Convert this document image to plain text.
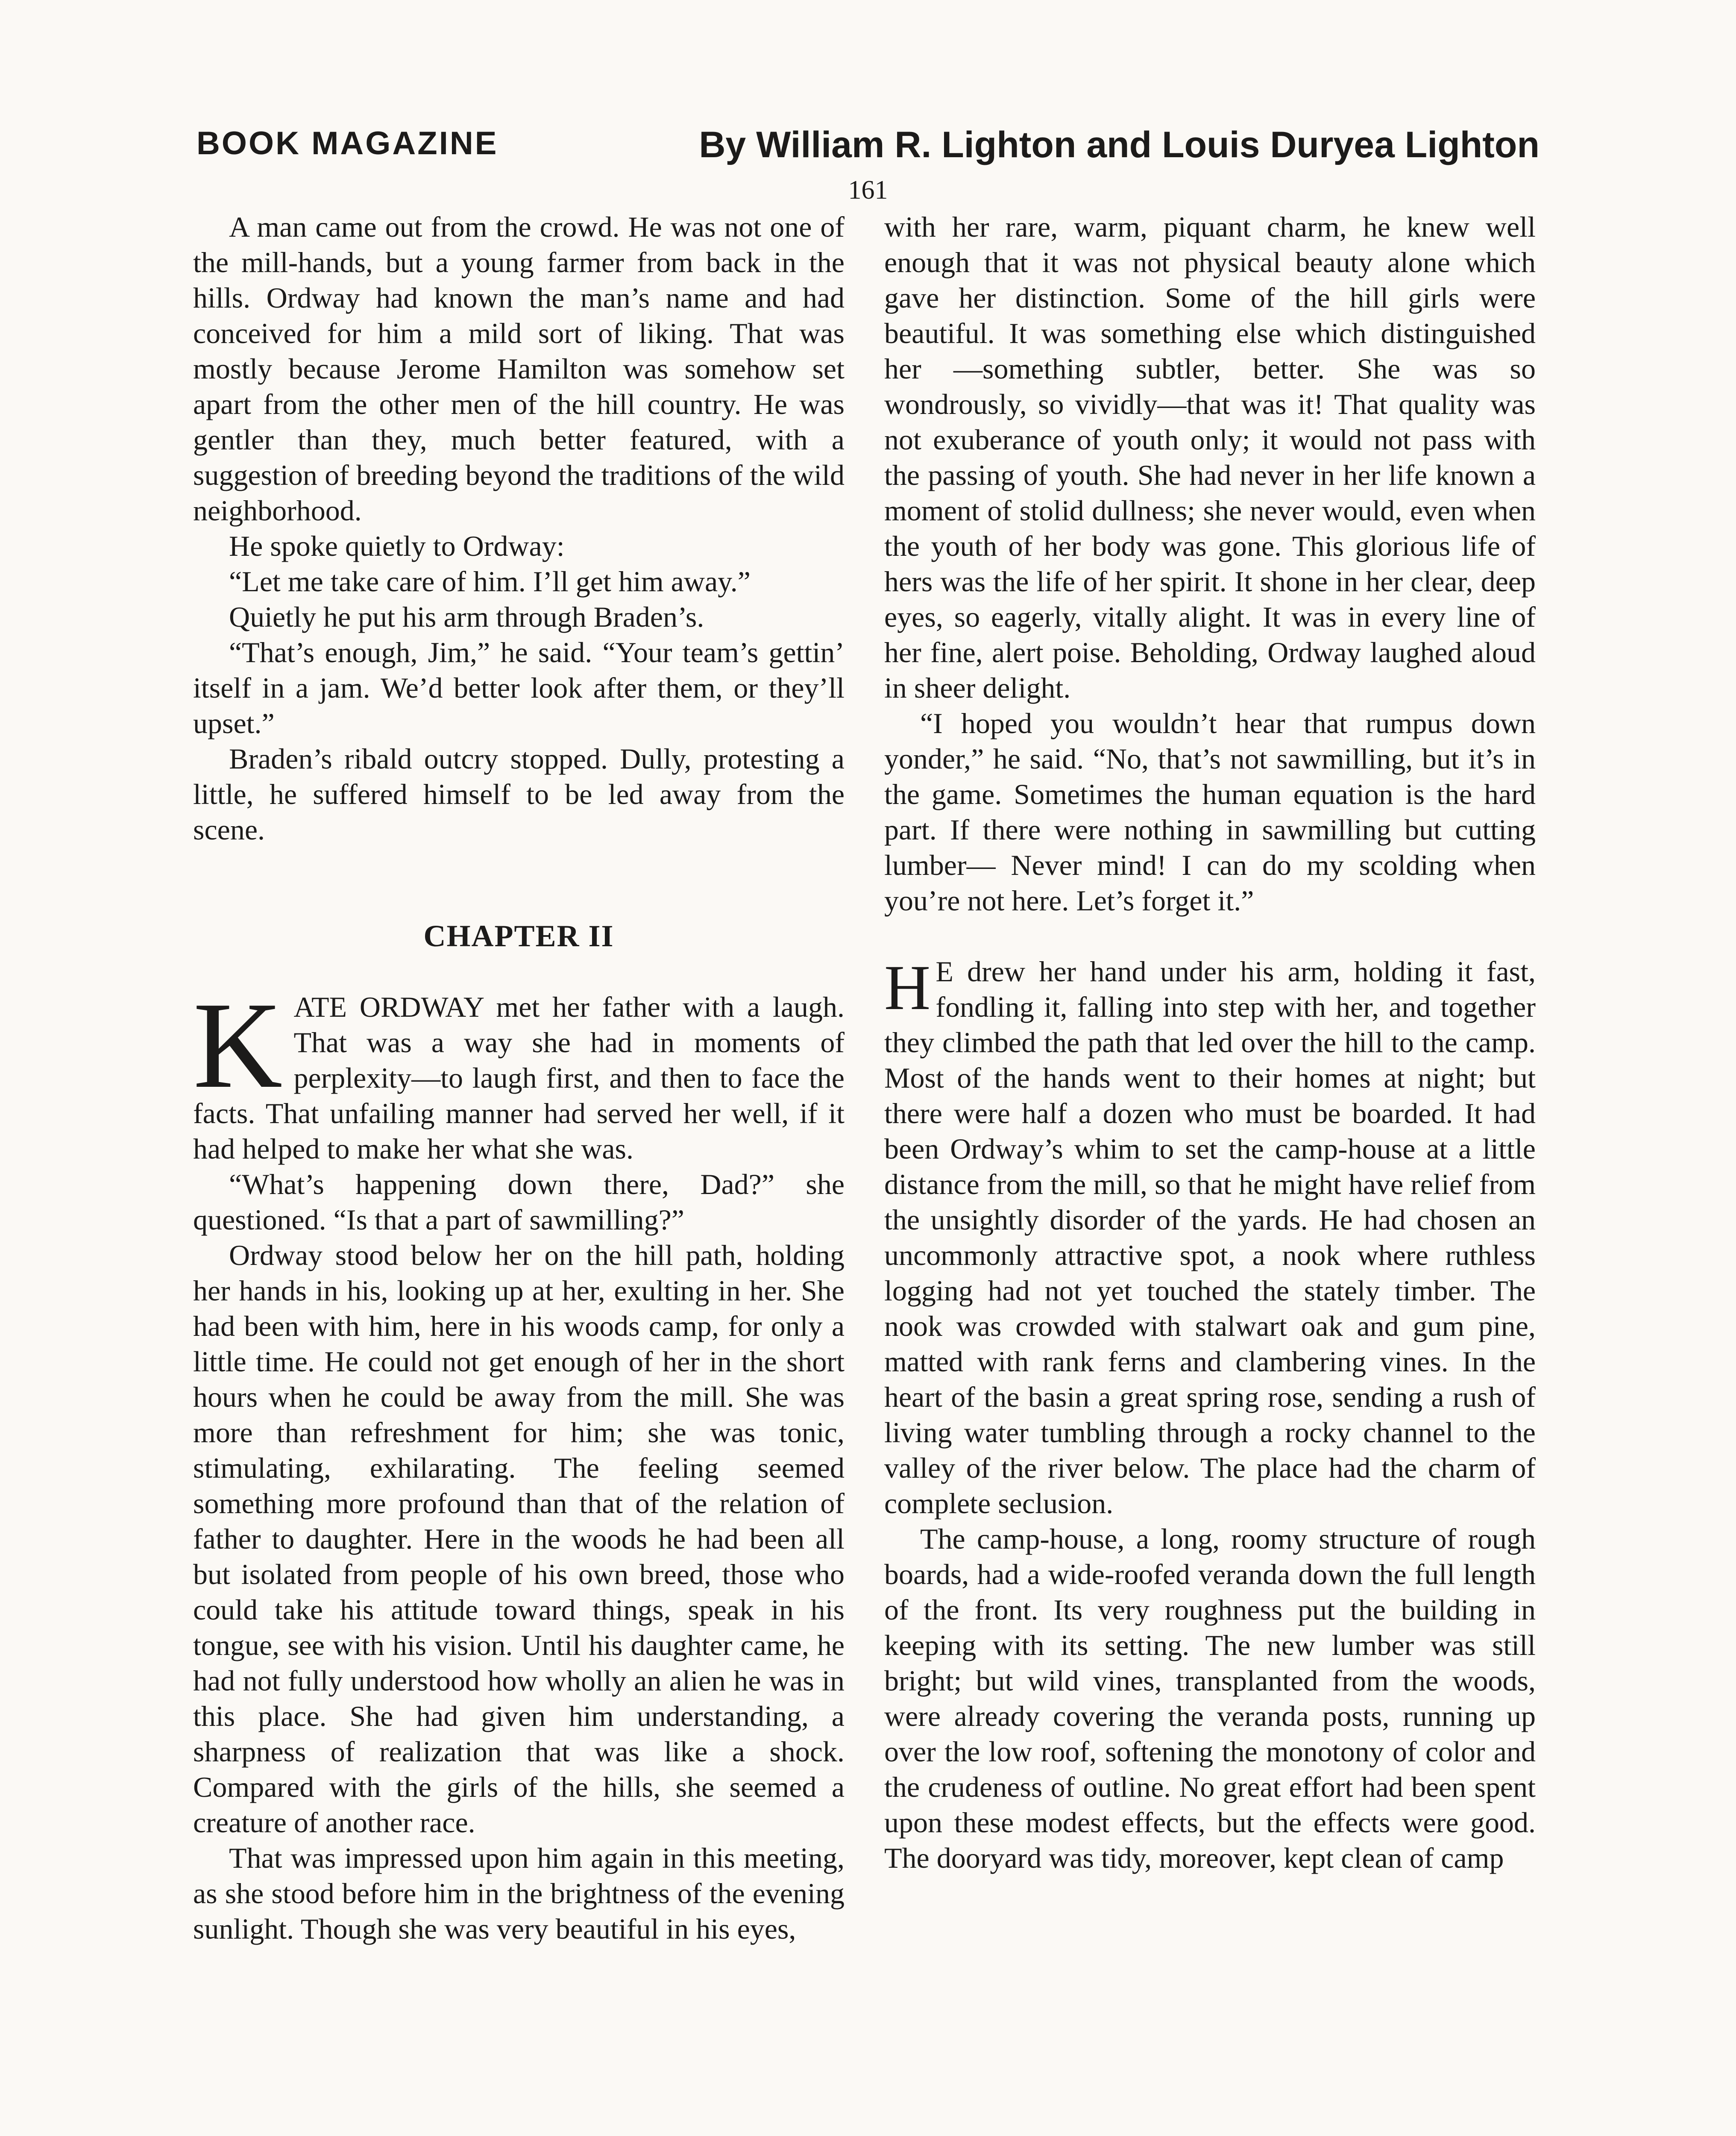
BOOK MAGAZINE	By William R. Lighton and Louis Duryea Lighton
161

A man came out from the crowd. He was not one of the mill-hands, but a young farmer from back in the hills. Ordway had known the man’s name and had conceived for him a mild sort of liking. That was mostly because Jerome Hamilton was somehow set apart from the other men of the hill country. He was gentler than they, much better featured, with a suggestion of breeding beyond the traditions of the wild neighborhood.

He spoke quietly to Ordway:

“Let me take care of him. I’ll get him away.”

Quietly he put his arm through Braden’s.

“That’s enough, Jim,” he said. “Your team’s gettin’ itself in a jam. We’d better look after them, or they’ll upset.”

Braden’s ribald outcry stopped. Dully, protesting a little, he suffered himself to be led away from the scene.

CHAPTER II

KATE ORDWAY met her father with a laugh. That was a way she had in moments of perplexity—to laugh first, and then to face the facts. That unfailing manner had served her well, if it had helped to make her what she was.

“What’s happening down there, Dad?” she questioned. “Is that a part of sawmilling?”

Ordway stood below her on the hill path, holding her hands in his, looking up at her, exulting in her. She had been with him, here in his woods camp, for only a little time. He could not get enough of her in the short hours when he could be away from the mill. She was more than refreshment for him; she was tonic, stimulating, exhilarating. The feeling seemed something more profound than that of the relation of father to daughter. Here in the woods he had been all but isolated from people of his own breed, those who could take his attitude toward things, speak in his tongue, see with his vision. Until his daughter came, he had not fully understood how wholly an alien he was in this place. She had given him understanding, a sharpness of realization that was like a shock. Compared with the girls of the hills, she seemed a creature of another race.

That was impressed upon him again in this meeting, as she stood before him in the brightness of the evening sunlight. Though she was very beautiful in his eyes,

with her rare, warm, piquant charm, he knew well enough that it was not physical beauty alone which gave her distinction. Some of the hill girls were beautiful. It was something else which distinguished her —something subtler, better. She was so wondrously, so vividly—that was it! That quality was not exuberance of youth only; it would not pass with the passing of youth. She had never in her life known a moment of stolid dullness; she never would, even when the youth of her body was gone. This glorious life of hers was the life of her spirit. It shone in her clear, deep eyes, so eagerly, vitally alight. It was in every line of her fine, alert poise. Beholding, Ordway laughed aloud in sheer delight.

“I hoped you wouldn’t hear that rumpus down yonder,” he said. “No, that’s not sawmilling, but it’s in the game. Sometimes the human equation is the hard part. If there were nothing in sawmilling but cutting lumber— Never mind! I can do my scolding when you’re not here. Let’s forget it.”

H E drew her hand under his arm, holding it fast, fondling it, falling into step with her, and together they climbed the path that led over the hill to the camp. Most of the hands went to their homes at night; but there were half a dozen who must be boarded. It had been Ordway’s whim to set the camp-house at a little distance from the mill, so that he might have relief from the unsightly disorder of the yards. He had chosen an uncommonly attractive spot, a nook where ruthless logging had not yet touched the stately timber. The nook was crowded with stalwart oak and gum pine, matted with rank ferns and clambering vines. In the heart of the basin a great spring rose, sending a rush of living water tumbling through a rocky channel to the valley of the river below. The place had the charm of complete seclusion.

The camp-house, a long, roomy structure of rough boards, had a wide-roofed veranda down the full length of the front. Its very roughness put the building in keeping with its setting. The new lumber was still bright; but wild vines, transplanted from the woods, were already covering the veranda posts, running up over the low roof, softening the monotony of color and the crudeness of outline. No great effort had been spent upon these modest effects, but the effects were good. The dooryard was tidy, moreover, kept clean of camp
